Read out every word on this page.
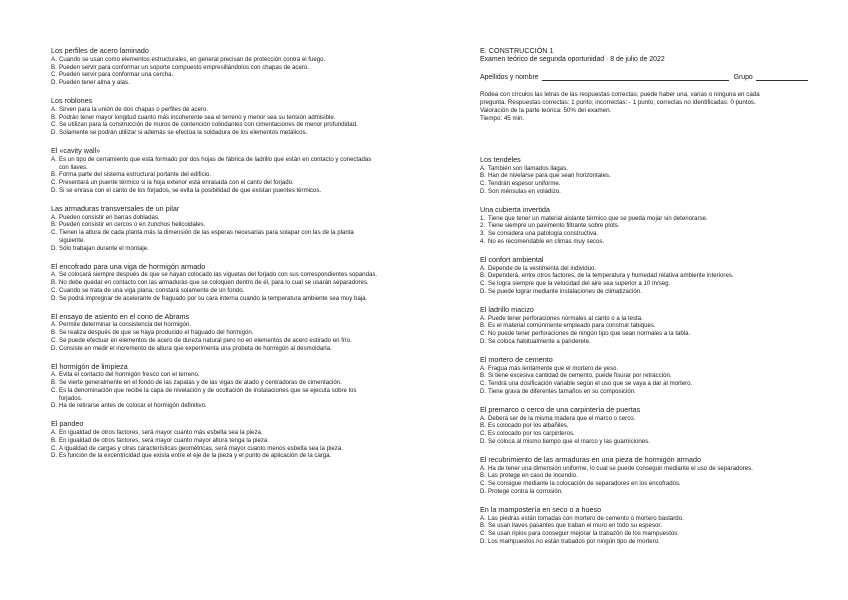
Los perfiles de acero laminado

A. Cuando se usan como elementos estructurales, en general precisan de protección contra el fuego.
B. Pueden servir para conformar un soporte compuesto empresillándolos con chapas de acero.
C. Pueden servir para conformar una cercha.
D. Pueden tener alma y alas.

Los roblones

A. Sirven para la unión de dos chapas o perfiles de acero.
B. Podrán tener mayor longitud cuanto más incoherente sea el terreno y menor sea su tensión admisible.
C. Se utilizan para la construcción de muros de contención colindantes con cimentaciones de menor profundidad.
D. Solamente se podrán utilizar si además se efectúa la soldadura de los elementos metálicos.

El «cavity wall»

A. Es un tipo de cerramiento que está formado por dos hojas de fábrica de ladrillo que están en contacto y conectadas con llaves.
B. Forma parte del sistema estructural portante del edificio.
C. Presentará un puente térmico si la hoja exterior está enrasada con el canto del forjado.
D. Si se enrasa con el canto de los forjados, se evita la posibilidad de que existan puentes térmicos.

Las armaduras transversales de un pilar

A. Pueden consistir en barras dobladas.
B. Pueden consistir en cercos o en zunchos helicoidales.
C. Tienen la altura de cada planta más la dimensión de las esperas necesarias para solapar con las de la planta siguiente.
D. Sólo trabajan durante el montaje.

El encofrado para una viga de hormigón armado

A. Se colocará siempre después de que se hayan colocado las viguetas del forjado con sus correspondientes sopandas.
B. No debe quedar en contacto con las armaduras que se coloquen dentro de él, para lo cual se usarán separadores.
C. Cuando se trata de una viga plana, constará solamente de un fondo.
D. Se podrá impregnar de acelerante de fraguado por su cara interna cuando la temperatura ambiente sea muy baja.

El ensayo de asiento en el cono de Abrams

A. Permite determinar la consistencia del hormigón.
B. Se realiza después de que se haya producido el fraguado del hormigón.
C. Se puede efectuar en elementos de acero de dureza natural pero no en elementos de acero estirado en frío.
D. Consiste en medir el incremento de altura que experimenta una probeta de hormigón al desmoldarla.

El hormigón de limpieza

A. Evita el contacto del hormigón fresco con el terreno.
B. Se vierte generalmente en el fondo de las zapatas y de las vigas de atado y centradoras de cimentación.
C. Es la denominación que recibe la capa de nivelación y de ocultación de instalaciones que se ejecuta sobre los forjados.
D. Ha de retirarse antes de colocar el hormigón definitivo.

El pandeo

A. En igualdad de otros factores, será mayor cuanto más esbelta sea la pieza.
B. En igualdad de otros factores, será mayor cuanto mayor altura tenga la pieza.
C. A igualdad de cargas y otras características geométricas, será mayor cuanto menos esbelta sea la pieza.
D. Es función de la excentricidad que exista entre el eje de la pieza y el punto de aplicación de la carga.
E. CONSTRUCCIÓN 1
Examen teórico de segunda oportunidad · 8 de julio de 2022
Apellidos y nombre	Grupo
Rodea con círculos las letras de las respuestas correctas; puede haber una, varias o ninguna en cada
pregunta. Respuestas correctas: 1 punto; incorrectas: - 1 punto; correctas no identificadas: 0 puntos.
Valoración de la parte teórica: 50% del examen.
Tiempo: 45 min.

Los tendeles

A. También son llamados llagas.
B. Han de nivelarse para que sean horizontales.
C. Tendrán espesor uniforme.
D. Son ménsulas en voladizo.

Una cubierta invertida

1. Tiene que tener un material aislante térmico que se pueda mojar sin deteriorarse.
2. Tiene siempre un pavimento filtrante sobre plots.
3. Se considera una patología constructiva.
4. No es recomendable en climas muy secos.

El confort ambiental

A. Depende de la vestimenta del individuo.
B. Dependerá, entre otros factores, de la temperatura y humedad relativa ambiente interiores.
C. Se logra siempre que la velocidad del aire sea superior a 10 m/seg.
D. Se puede lograr mediante instalaciones de climatización.

El ladrillo macizo

A. Puede tener perforaciones normales al canto o a la testa.
B. Es el material comúnmente empleado para construir tabiques.
C. No puede tener perforaciones de ningún tipo que sean normales a la tabla.
D. Se coloca habitualmente a panderete.

El mortero de cemento

A. Fragua más lentamente que el mortero de yeso.
B. Si tiene excesiva cantidad de cemento, puede fisurar por retracción.
C. Tendrá una dosificación variable según el uso que se vaya a dar al mortero.
D. Tiene grava de diferentes tamaños en su composición.

El premarco o cerco de una carpintería de puertas

A. Deberá ser de la misma madera que el marco o cerco.
B. Es colocado por los albañiles.
C. Es colocado por los carpinteros.
D. Se coloca al mismo tiempo que el marco y las guarniciones.

El recubrimiento de las armaduras en una pieza de hormigón armado

A. Ha de tener una dimensión uniforme, lo cual se puede conseguir mediante el uso de separadores.
B. Las protege en caso de incendio.
C. Se consigue mediante la colocación de separadores en los encofrados.
D. Protege contra la corrosión.

En la mampostería en seco o a hueso

A. Las piedras están tomadas con mortero de cemento o mortero bastardo.
B. Se usan llaves pasantes que traban el muro en todo su espesor.
C. Se usan ripios para conseguir mejorar la trabazón de los mampuestos.
D. Los mampuestos no están trabados por ningún tipo de mortero.
